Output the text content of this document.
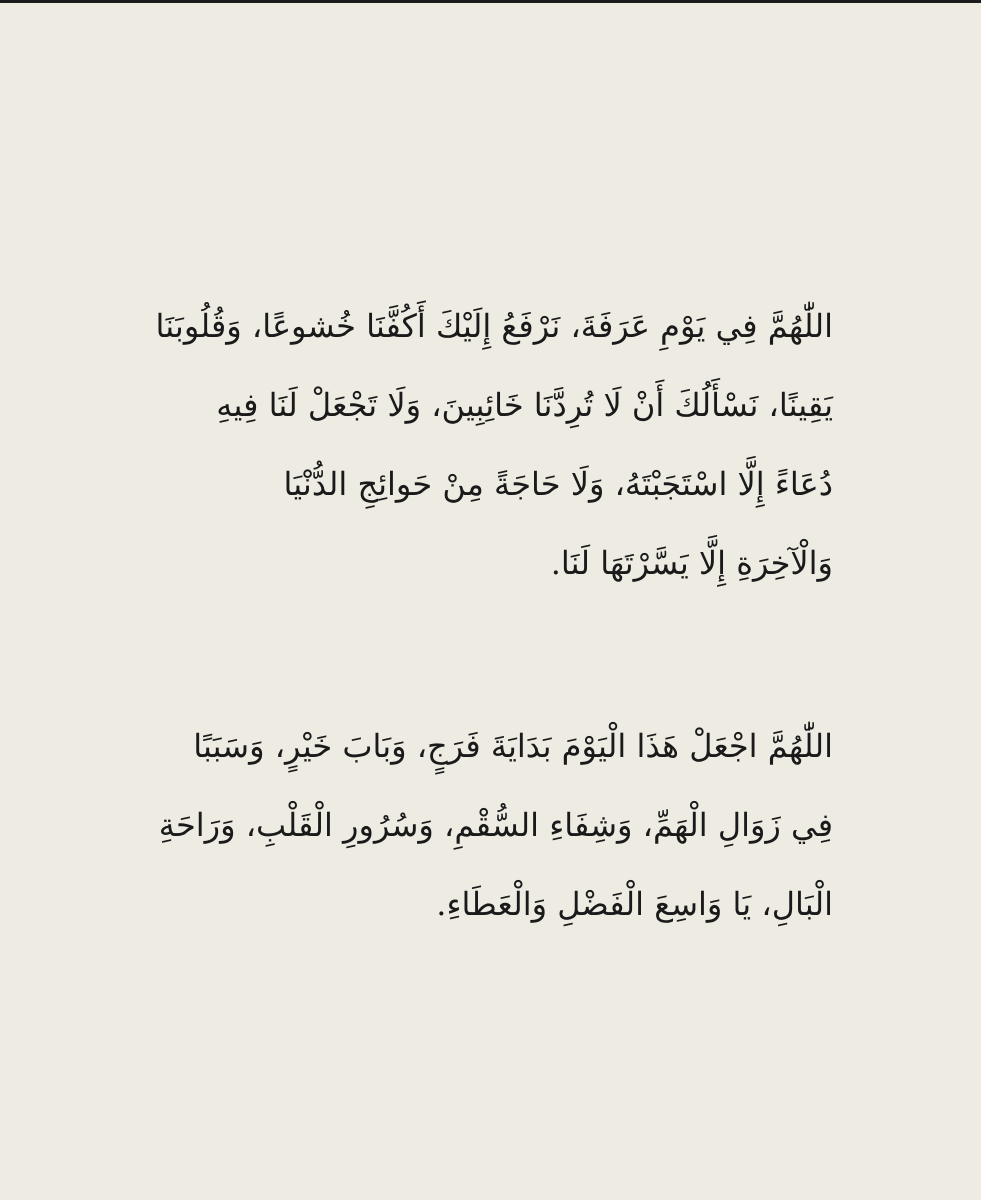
اللّٰهُمَّ فِي يَوْمِ عَرَفَةَ، نَرْفَعُ إِلَيْكَ أَكُفَّنَا خُشوعًا، وَقُلُوبَنَا
يَقِينًا، نَسْأَلُكَ أَنْ لَا تُرِدَّنَا خَائِبِينَ، وَلَا تَجْعَلْ لَنَا فِيهِ
دُعَاءً إِلَّا اسْتَجَبْتَهُ، وَلَا حَاجَةً مِنْ حَوائِجِ الدُّنْيَا
وَالْآخِرَةِ إِلَّا يَسَّرْتَهَا لَنَا.
اللّٰهُمَّ اجْعَلْ هَذَا الْيَوْمَ بَدَايَةَ فَرَجٍ، وَبَابَ خَيْرٍ، وَسَبَبًا
فِي زَوَالِ الْهَمِّ، وَشِفَاءِ السُّقْمِ، وَسُرُورِ الْقَلْبِ، وَرَاحَةِ
الْبَالِ، يَا وَاسِعَ الْفَضْلِ وَالْعَطَاءِ.
